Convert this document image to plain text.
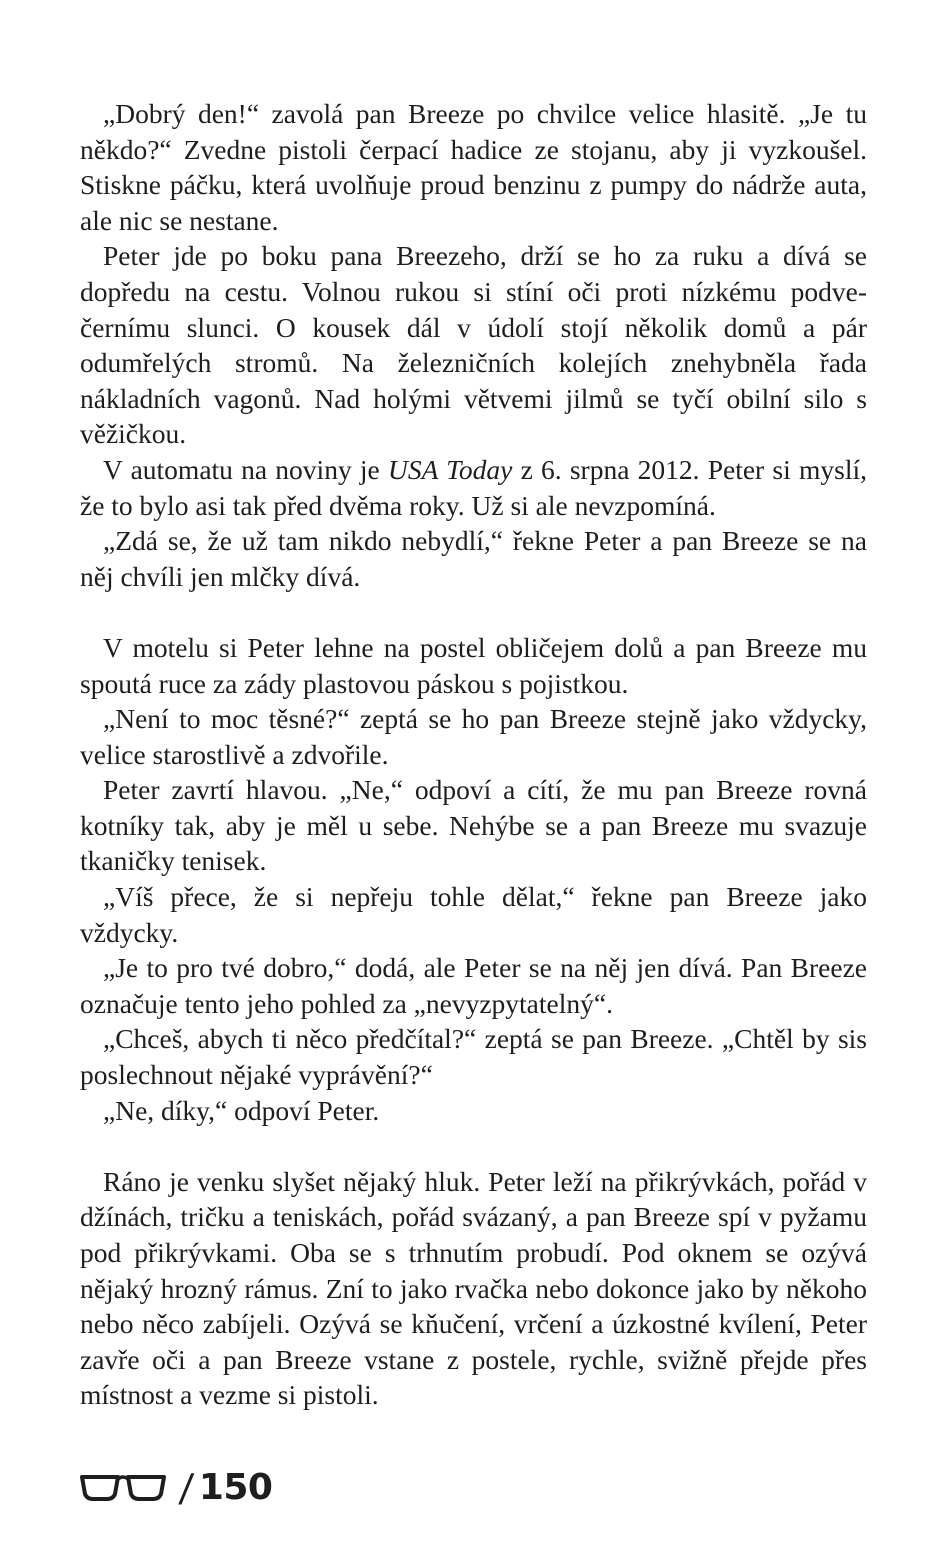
„Dobrý den!“ zavolá pan Breeze po chvilce velice hlasitě. „Je tu někdo?“ Zvedne pistoli čerpací hadice ze stojanu, aby ji vyzkoušel. Stiskne páčku, která uvolňuje proud benzinu z pumpy do nádrže auta, ale nic se nestane.

Peter jde po boku pana Breezeho, drží se ho za ruku a dívá se dopředu na cestu. Volnou rukou si stíní oči proti nízkému podvečernímu slunci. O kousek dál v údolí stojí několik domů a pár odumřelých stromů. Na železničních kolejích znehybněla řada nákladních vagonů. Nad holými větvemi jilmů se tyčí obilní silo s věžičkou.

V automatu na noviny je USA Today z 6. srpna 2012. Peter si myslí, že to bylo asi tak před dvěma roky. Už si ale nevzpomíná.

„Zdá se, že už tam nikdo nebydlí,“ řekne Peter a pan Breeze se na něj chvíli jen mlčky dívá.

V motelu si Peter lehne na postel obličejem dolů a pan Breeze mu spoutá ruce za zády plastovou páskou s pojistkou.

„Není to moc těsné?“ zeptá se ho pan Breeze stejně jako vždycky, velice starostlivě a zdvořile.

Peter zavrtí hlavou. „Ne,“ odpoví a cítí, že mu pan Breeze rovná kotníky tak, aby je měl u sebe. Nehýbe se a pan Breeze mu svazuje tkaničky tenisek.

„Víš přece, že si nepřeju tohle dělat,“ řekne pan Breeze jako vždycky.

„Je to pro tvé dobro,“ dodá, ale Peter se na něj jen dívá. Pan Breeze označuje tento jeho pohled za „nevyzpytatelný“.

„Chceš, abych ti něco předčítal?“ zeptá se pan Breeze. „Chtěl by sis poslechnout nějaké vyprávění?“

„Ne, díky,“ odpoví Peter.

Ráno je venku slyšet nějaký hluk. Peter leží na přikrývkách, pořád v džínách, tričku a teniskách, pořád svázaný, a pan Breeze spí v pyžamu pod přikrývkami. Oba se s trhnutím probudí. Pod oknem se ozývá nějaký hrozný rámus. Zní to jako rvačka nebo dokonce jako by někoho nebo něco zabíjeli. Ozývá se kňučení, vrčení a úzkostné kvílení, Peter zavře oči a pan Breeze vstane z postele, rychle, svižně přejde přes místnost a vezme si pistoli.

/ 150
